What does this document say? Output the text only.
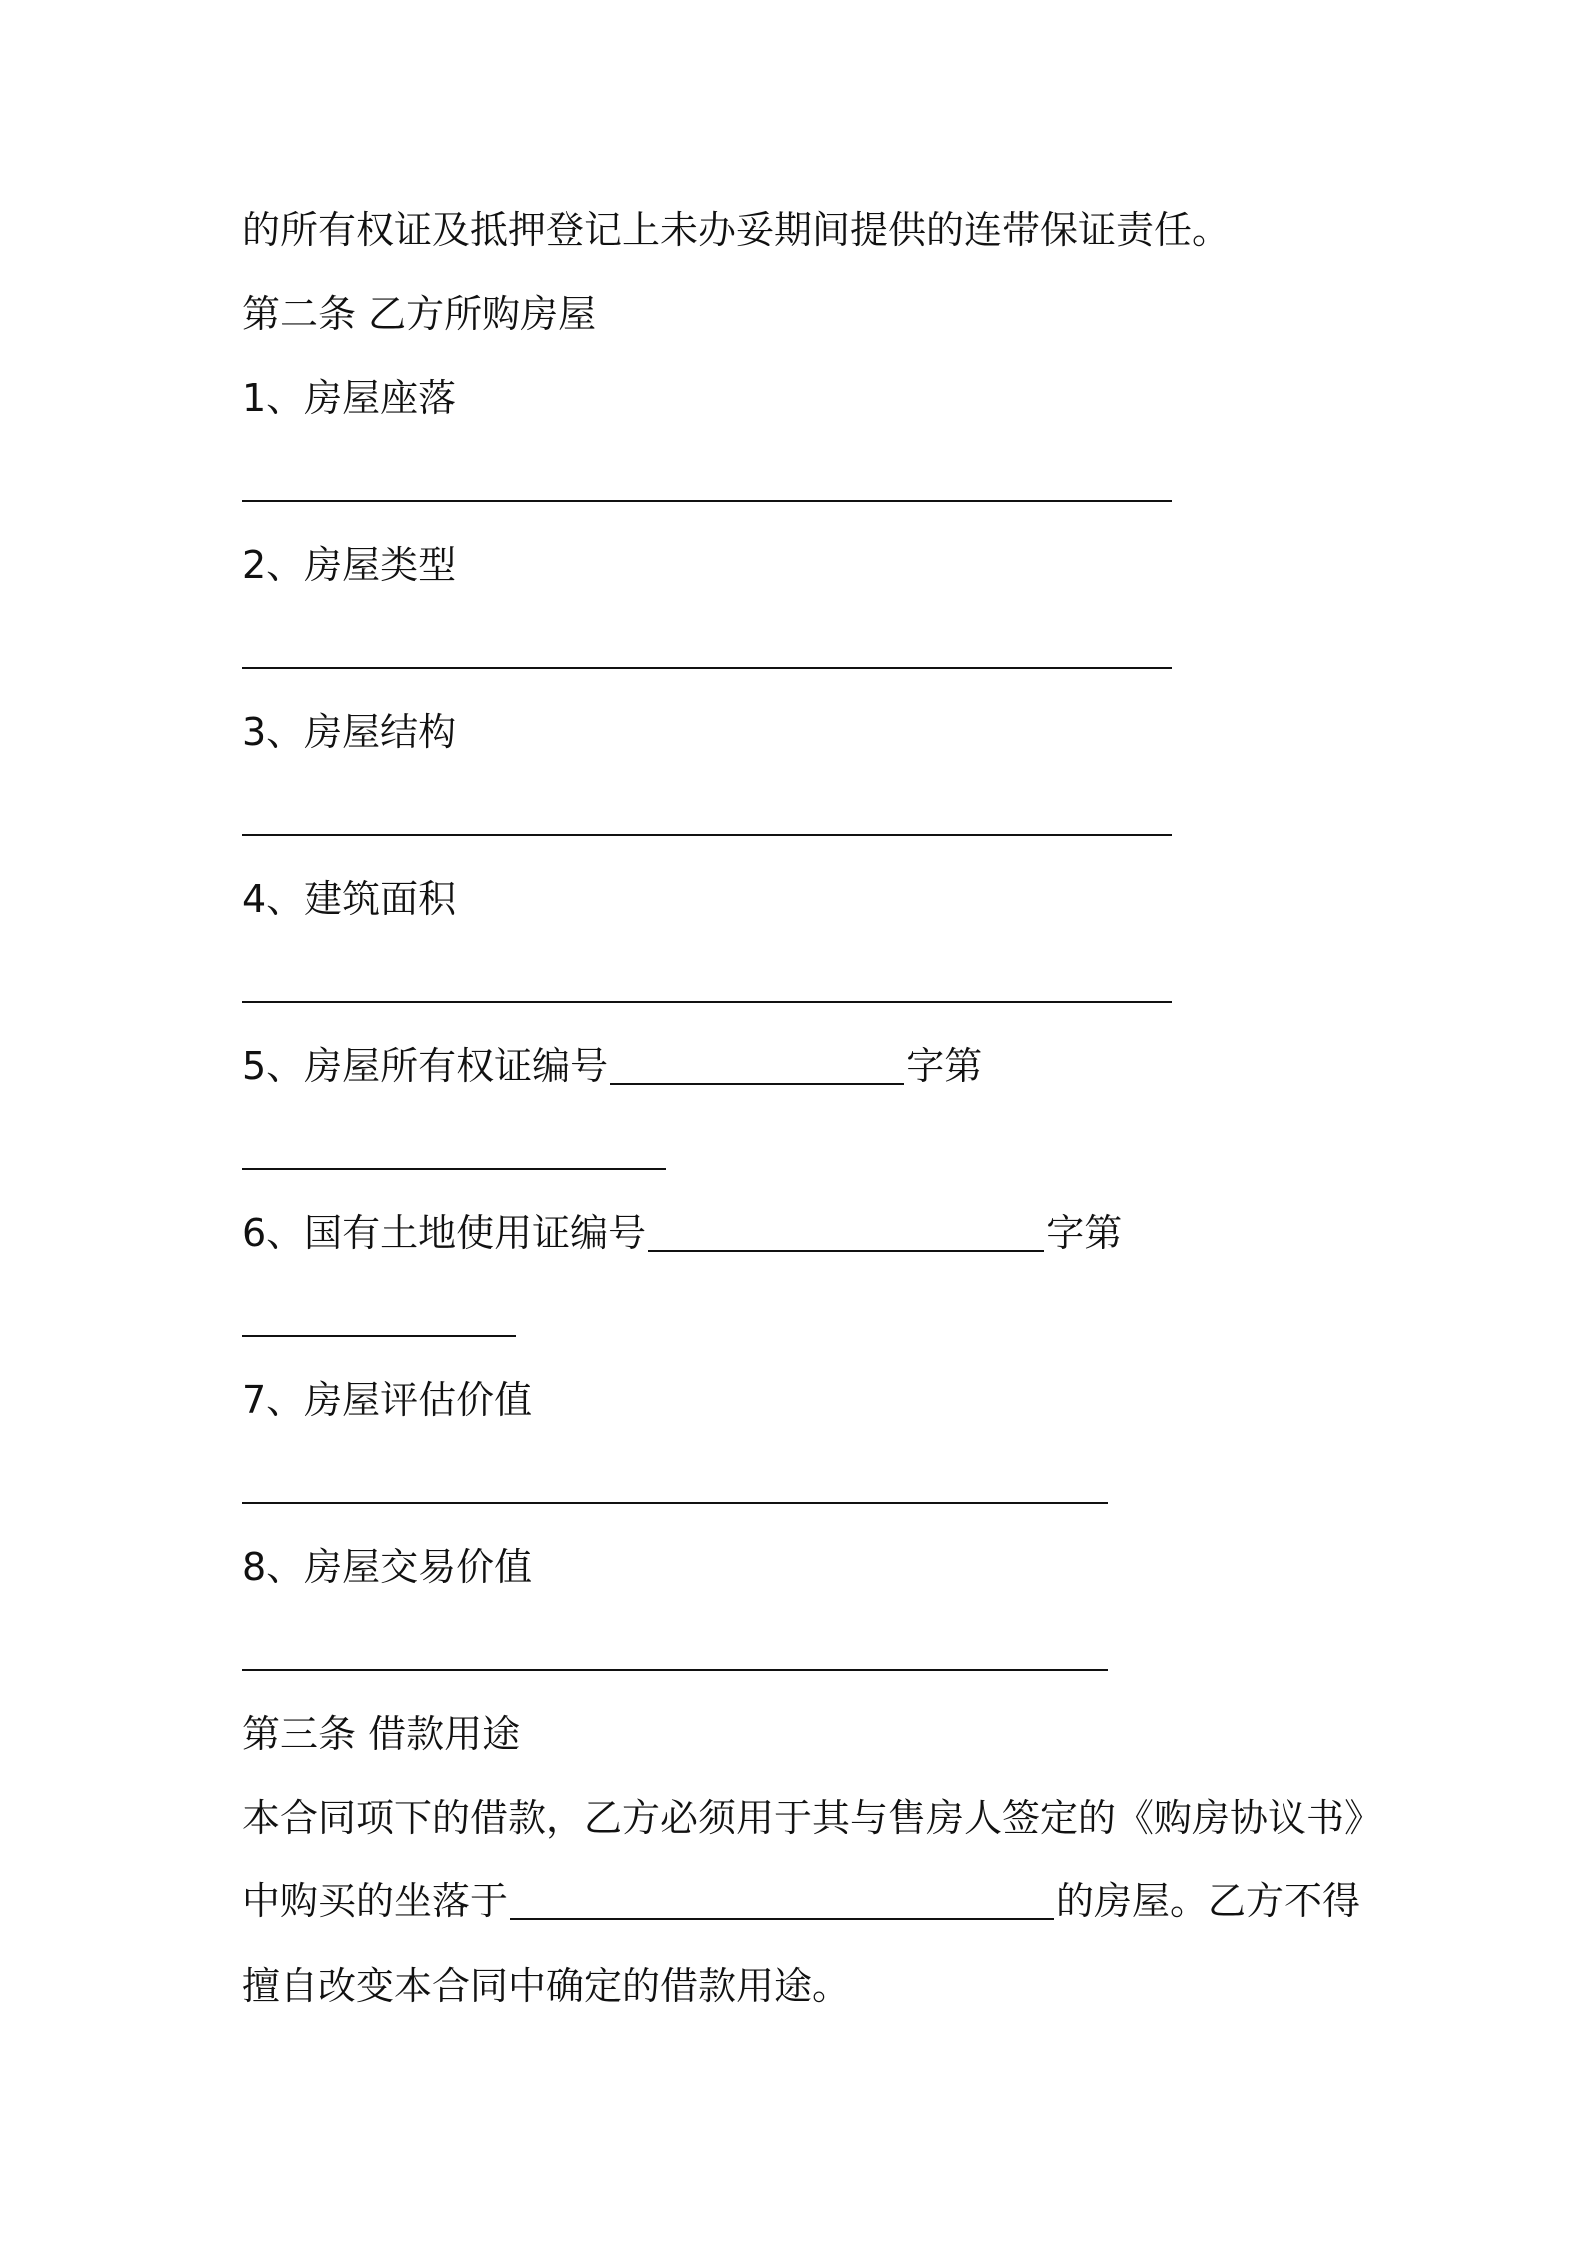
的所有权证及抵押登记上未办妥期间提供的连带保证责任。
第二条 乙方所购房屋
1、房屋座落
2、房屋类型
3、房屋结构
4、建筑面积
5、房屋所有权证编号	字第
6、国有土地使用证编号	字第
7、房屋评估价值
8、房屋交易价值
第三条 借款用途
本合同项下的借款，乙方必须用于其与售房人签定的《购房协议书》
中购买的坐落于	的房屋。乙方不得
擅自改变本合同中确定的借款用途。
